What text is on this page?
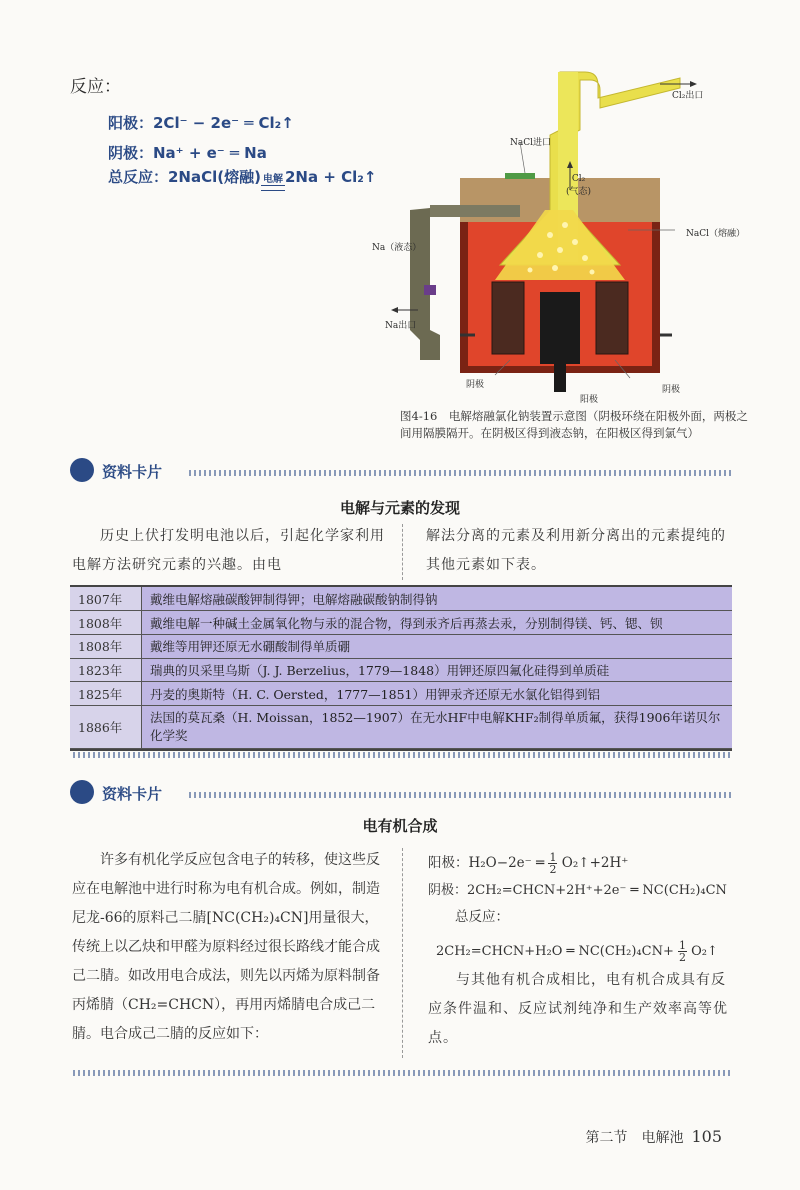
反应：
阳极：2Cl⁻ − 2e⁻ ═ Cl₂↑
阴极：Na⁺ + e⁻ ═ Na
总反应：2NaCl(熔融) 电解 2Na + Cl₂↑
Cl₂出口
NaCl进口
Cl₂
(气态)
NaCl（熔融）
Na（液态）
Na出口
阴极	阴极
阳极
图4-16　电解熔融氯化钠装置示意图（阴极环绕在阳极外面，两极之间用隔膜隔开。在阴极区得到液态钠，在阳极区得到氯气）
资料卡片
电解与元素的发现
历史上伏打发明电池以后，引起化学家利用电解方法研究元素的兴趣。由电
解法分离的元素及利用新分离出的元素提纯的其他元素如下表。
1807年	戴维电解熔融碳酸钾制得钾；电解熔融碳酸钠制得钠
1808年	戴维电解一种碱土金属氧化物与汞的混合物，得到汞齐后再蒸去汞，分别制得镁、钙、锶、钡
1808年	戴维等用钾还原无水硼酸制得单质硼
1823年	瑞典的贝采里乌斯（J. J. Berzelius，1779—1848）用钾还原四氟化硅得到单质硅
1825年	丹麦的奥斯特（H. C. Oersted，1777—1851）用钾汞齐还原无水氯化铝得到铝
1886年	法国的莫瓦桑（H. Moissan，1852—1907）在无水HF中电解KHF₂制得单质氟，获得1906年诺贝尔化学奖
资料卡片
电有机合成
许多有机化学反应包含电子的转移，使这些反应在电解池中进行时称为电有机合成。例如，制造尼龙-66的原料己二腈[NC(CH₂)₄CN]用量很大，传统上以乙炔和甲醛为原料经过很长路线才能合成己二腈。如改用电合成法，则先以丙烯为原料制备丙烯腈（CH₂=CHCN），再用丙烯腈电合成己二腈。电合成己二腈的反应如下：
阳极：H₂O−2e⁻ ═ $\frac{1}{2}$ O₂↑+2H⁺
阴极：2CH₂=CHCN+2H⁺+2e⁻ ═ NC(CH₂)₄CN
总反应：
2CH₂=CHCN+H₂O ═ $NC(CH_2)_4CN+ \frac{1}{2}$ O₂↑
与其他有机合成相比，电有机合成具有反应条件温和、反应试剂纯净和生产效率高等优点。
第二节　电解池 105
